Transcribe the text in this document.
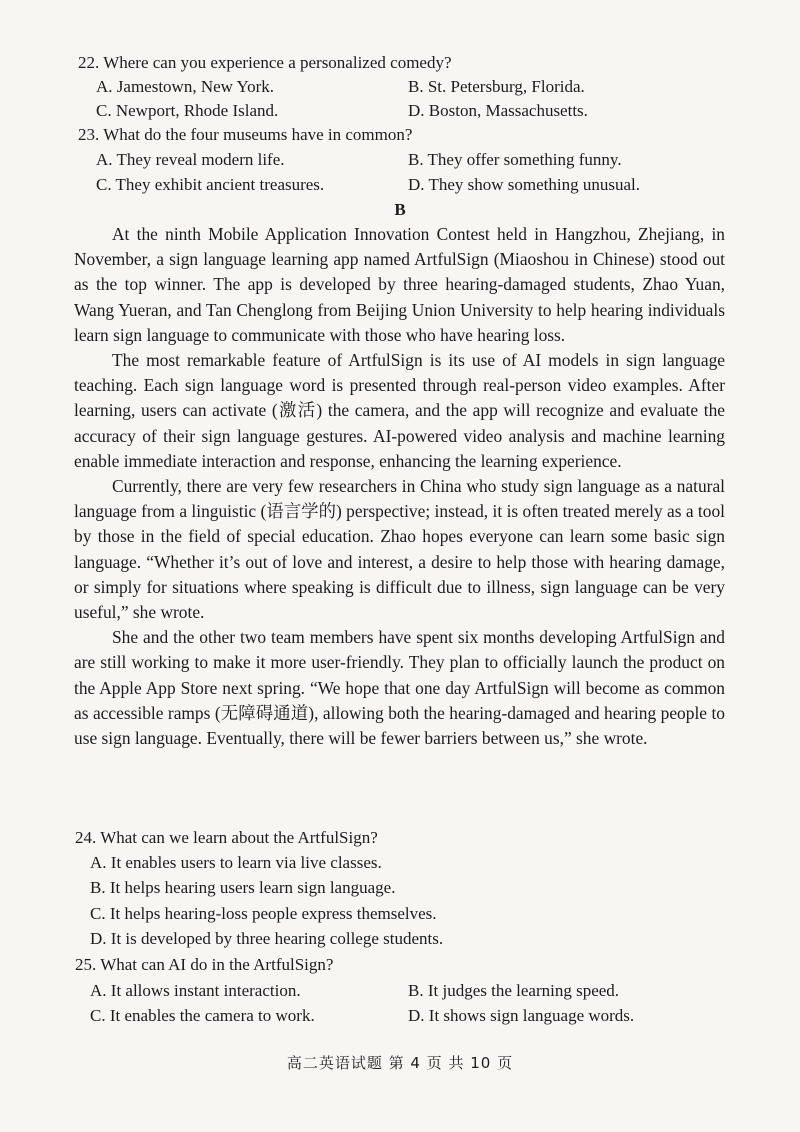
22. Where can you experience a personalized comedy?
A. Jamestown, New York.	B. St. Petersburg, Florida.
C. Newport, Rhode Island.	D. Boston, Massachusetts.
23. What do the four museums have in common?
A. They reveal modern life.	B. They offer something funny.
C. They exhibit ancient treasures.	D. They show something unusual.
B

At the ninth Mobile Application Innovation Contest held in Hangzhou, Zhejiang, in November, a sign language learning app named ArtfulSign (Miaoshou in Chinese) stood out as the top winner. The app is developed by three hearing-damaged students, Zhao Yuan, Wang Yueran, and Tan Chenglong from Beijing Union University to help hearing individuals learn sign language to communicate with those who have hearing loss.

The most remarkable feature of ArtfulSign is its use of AI models in sign language teaching. Each sign language word is presented through real-person video examples. After learning, users can activate (激活) the camera, and the app will recognize and evaluate the accuracy of their sign language gestures. AI-powered video analysis and machine learning enable immediate interaction and response, enhancing the learning experience.

Currently, there are very few researchers in China who study sign language as a natural language from a linguistic (语言学的) perspective; instead, it is often treated merely as a tool by those in the field of special education. Zhao hopes everyone can learn some basic sign language. “Whether it’s out of love and interest, a desire to help those with hearing damage, or simply for situations where speaking is difficult due to illness, sign language can be very useful,” she wrote.

She and the other two team members have spent six months developing ArtfulSign and are still working to make it more user-friendly. They plan to officially launch the product on the Apple App Store next spring. “We hope that one day ArtfulSign will become as common as accessible ramps (无障碍通道), allowing both the hearing-damaged and hearing people to use sign language. Eventually, there will be fewer barriers between us,” she wrote.

24. What can we learn about the ArtfulSign?
A. It enables users to learn via live classes.
B. It helps hearing users learn sign language.
C. It helps hearing-loss people express themselves.
D. It is developed by three hearing college students.
25. What can AI do in the ArtfulSign?
A. It allows instant interaction.	B. It judges the learning speed.
C. It enables the camera to work.	D. It shows sign language words.
高二英语试题 第 4 页 共 10 页
